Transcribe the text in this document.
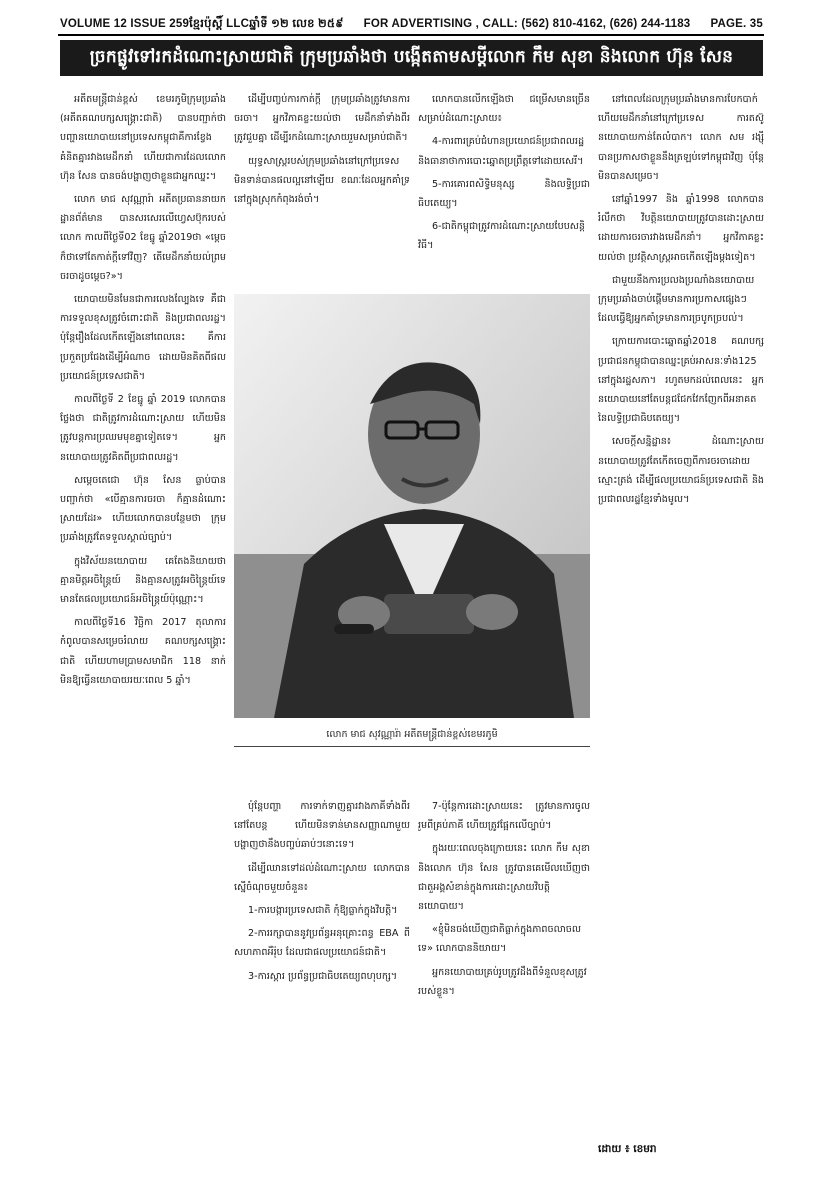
VOLUME 12 ISSUE 259 ខ្មែរប៉ុស្ដិ៍ LLC ឆ្នាំទី ១២ លេខ ២៥៩	FOR ADVERTISING , CALL: (562) 810-4162, (626) 244-1183	PAGE. 35
ច្រកផ្លូវទៅរកដំណោះស្រាយជាតិ ក្រុមប្រឆាំងថា បង្កើតតាមសម្ដីលោក កឹម សុខា និងលោក ហ៊ុន សែន

អតីតមន្ដ្រីជាន់ខ្ពស់ ខេមរភូមិក្រុមប្រឆាំង (អតីតគណបក្សសង្គ្រោះជាតិ) បានបញ្ជាក់ថា បញ្ហានយោបាយនៅប្រទេសកម្ពុជាគឺការខ្វែងគំនិតគ្នារវាងមេដឹកនាំ ហើយជាការដែលលោក ហ៊ុន សែន បានចង់បង្ហាញថាខ្លួនជាអ្នកឈ្នះ។

លោក មាជ សុវណ្ណារ៉ា អតីតប្រធាននាយកដ្ឋានព័ត៌មាន បានសរសេរលើហ្វេសប៊ុករបស់លោក កាលពីថ្ងៃទី02 ខែធ្នូ ឆ្នាំ2019ថា «ម្ដេចក៏ថាទៅតែកាត់ក្ដីទៅវិញ? តើមេដឹកនាំយល់ព្រមចរចាដូចម្ដេច?»។

យោបាយ​មិនមែនជាការលេងល្បែងទេ គឺជាការទទួលខុសត្រូវចំពោះជាតិ និងប្រជាពលរដ្ឋ។ ប៉ុន្តែរឿងដែលកើតឡើងនៅពេលនេះ គឺការប្រកួតប្រជែងដើម្បីអំណាច ដោយមិនគិតពីផលប្រយោជន៍ប្រទេសជាតិ។

កាលពីថ្ងៃទី 2 ខែធ្នូ ឆ្នាំ 2019 លោកបានថ្លែងថា ជាតិត្រូវការដំណោះស្រាយ ហើយមិនត្រូវបន្តការប្រឈមមុខគ្នាទៀតទេ។ អ្នកនយោបាយត្រូវគិតពីប្រជាពលរដ្ឋ។

សម្ដេចតេជោ ហ៊ុន សែន ធ្លាប់បានបញ្ជាក់ថា «បើគ្មានការចរចា ក៏គ្មានដំណោះស្រាយដែរ» ហើយលោកបានបន្ថែមថា ក្រុមប្រឆាំងត្រូវតែទទួលស្គាល់ច្បាប់។

ក្នុងវិស័យនយោបាយ គេតែងនិយាយថាគ្មានមិត្តអចិន្ត្រៃយ៍ និងគ្មានសត្រូវអចិន្ត្រៃយ៍ទេ មានតែផលប្រយោជន៍អចិន្ត្រៃយ៍ប៉ុណ្ណោះ។

កាលពីថ្ងៃទី16 វិច្ឆិកា 2017 តុលាការកំពូលបានសម្រេចរំលាយ គណបក្សសង្គ្រោះជាតិ ហើយហាមប្រាមសមាជិក 118 នាក់ មិនឱ្យធ្វើនយោបាយរយៈពេល 5 ឆ្នាំ។

ដើម្បីបញ្ចប់ការកាត់ក្ដី ក្រុមប្រឆាំងត្រូវមានការចរចា។ អ្នកវិភាគខ្លះយល់ថា មេដឹកនាំទាំងពីរត្រូវជួបគ្នា ដើម្បីរកដំណោះស្រាយរួមសម្រាប់ជាតិ។

យុទ្ធសាស្ត្ររបស់ក្រុមប្រឆាំងនៅក្រៅប្រទេសមិនទាន់បានផលល្អនៅឡើយ ខណៈដែលអ្នកគាំទ្រនៅក្នុងស្រុកកំពុងរង់ចាំ។

លោកបានលើកឡើងថា ជម្រើសមានច្រើនសម្រាប់ដំណោះស្រាយ៖

4-ការពារគ្រប់ជំហានប្រយោជន៍ប្រជាពលរដ្ឋ និងធានាថាការបោះឆ្នោតប្រព្រឹត្តទៅដោយសេរី។

5-ការគោរពសិទ្ធិមនុស្ស និងលទ្ធិប្រជាធិបតេយ្យ។

6-ជាតិកម្ពុជាត្រូវការដំណោះស្រាយបែបសន្តិវិធី។

លោក មាជ សុវណ្ណារ៉ា អតីតមន្ដ្រីជាន់ខ្ពស់ខេមរភូមិ

ប៉ុន្តែបញ្ហា ការទាក់ទាញគ្នារវាងភាគីទាំងពីរ នៅតែបន្ត ហើយមិនទាន់មានសញ្ញាណាមួយបង្ហាញថានឹងបញ្ចប់ឆាប់ៗនោះទេ។

ដើម្បីឈានទៅដល់ដំណោះស្រាយ លោកបានស្នើចំណុចមួយចំនួន៖

1-ការបង្ការប្រទេសជាតិ កុំឱ្យធ្លាក់ក្នុងវិបត្តិ។

2-ការរក្សាបាននូវប្រព័ន្ធអនុគ្រោះពន្ធ EBA ពីសហភាពអឺរ៉ុប ដែលជាផលប្រយោជន៍ជាតិ។

3-ការស្ដារ ប្រព័ន្ធប្រជាធិបតេយ្យពហុបក្ស។

7-ប៉ុន្តែការដោះស្រាយនេះ ត្រូវមានការចូលរួមពីគ្រប់ភាគី ហើយត្រូវផ្អែកលើច្បាប់។

ក្នុងរយៈពេលចុងក្រោយនេះ លោក កឹម សុខា និងលោក ហ៊ុន សែន ត្រូវបានគេមើលឃើញថាជាតួអង្គសំខាន់ក្នុងការដោះស្រាយវិបត្តិនយោបាយ។

«ខ្ញុំមិនចង់ឃើញជាតិធ្លាក់ក្នុងភាពចលាចលទេ» លោកបាននិយាយ។

អ្នកនយោបាយគ្រប់រូបត្រូវដឹងពីទំនួលខុសត្រូវរបស់ខ្លួន។

នៅពេលដែលក្រុមប្រឆាំងមានការបែកបាក់ ហើយមេដឹកនាំនៅក្រៅប្រទេស ការតស៊ូនយោបាយកាន់តែលំបាក។ លោក សម រង្ស៊ី បានប្រកាសថាខ្លួននឹងត្រឡប់ទៅកម្ពុជាវិញ ប៉ុន្តែមិនបានសម្រេច។

នៅឆ្នាំ1997 និង ឆ្នាំ1998 លោកបានរំលឹកថា វិបត្តិនយោបាយត្រូវបានដោះស្រាយដោយការចរចារវាងមេដឹកនាំ។ អ្នកវិភាគខ្លះយល់ថា ប្រវត្តិសាស្ត្រអាចកើតឡើងម្ដងទៀត។

ជាមួយនឹងការប្រលងប្រណាំងនយោបាយ ក្រុមប្រឆាំងចាប់ផ្ដើមមានការប្រកាសផ្សេងៗ ដែលធ្វើឱ្យអ្នកគាំទ្រមានការច្របូកច្របល់។

ក្រោយការបោះឆ្នោតឆ្នាំ2018 គណបក្សប្រជាជនកម្ពុជាបានឈ្នះគ្រប់អាសនៈទាំង125 នៅក្នុងរដ្ឋសភា។ រហូតមកដល់ពេលនេះ អ្នកនយោបាយនៅតែបន្តជជែកវែកញែកពីអនាគតនៃលទ្ធិប្រជាធិបតេយ្យ។

សេចក្ដីសន្និដ្ឋាន៖ ដំណោះស្រាយនយោបាយត្រូវតែកើតចេញពីការចរចាដោយស្មោះត្រង់ ដើម្បីផលប្រយោជន៍ប្រទេសជាតិ និងប្រជាពលរដ្ឋខ្មែរទាំងមូល។

ដោយ ៖ ខេមរា
